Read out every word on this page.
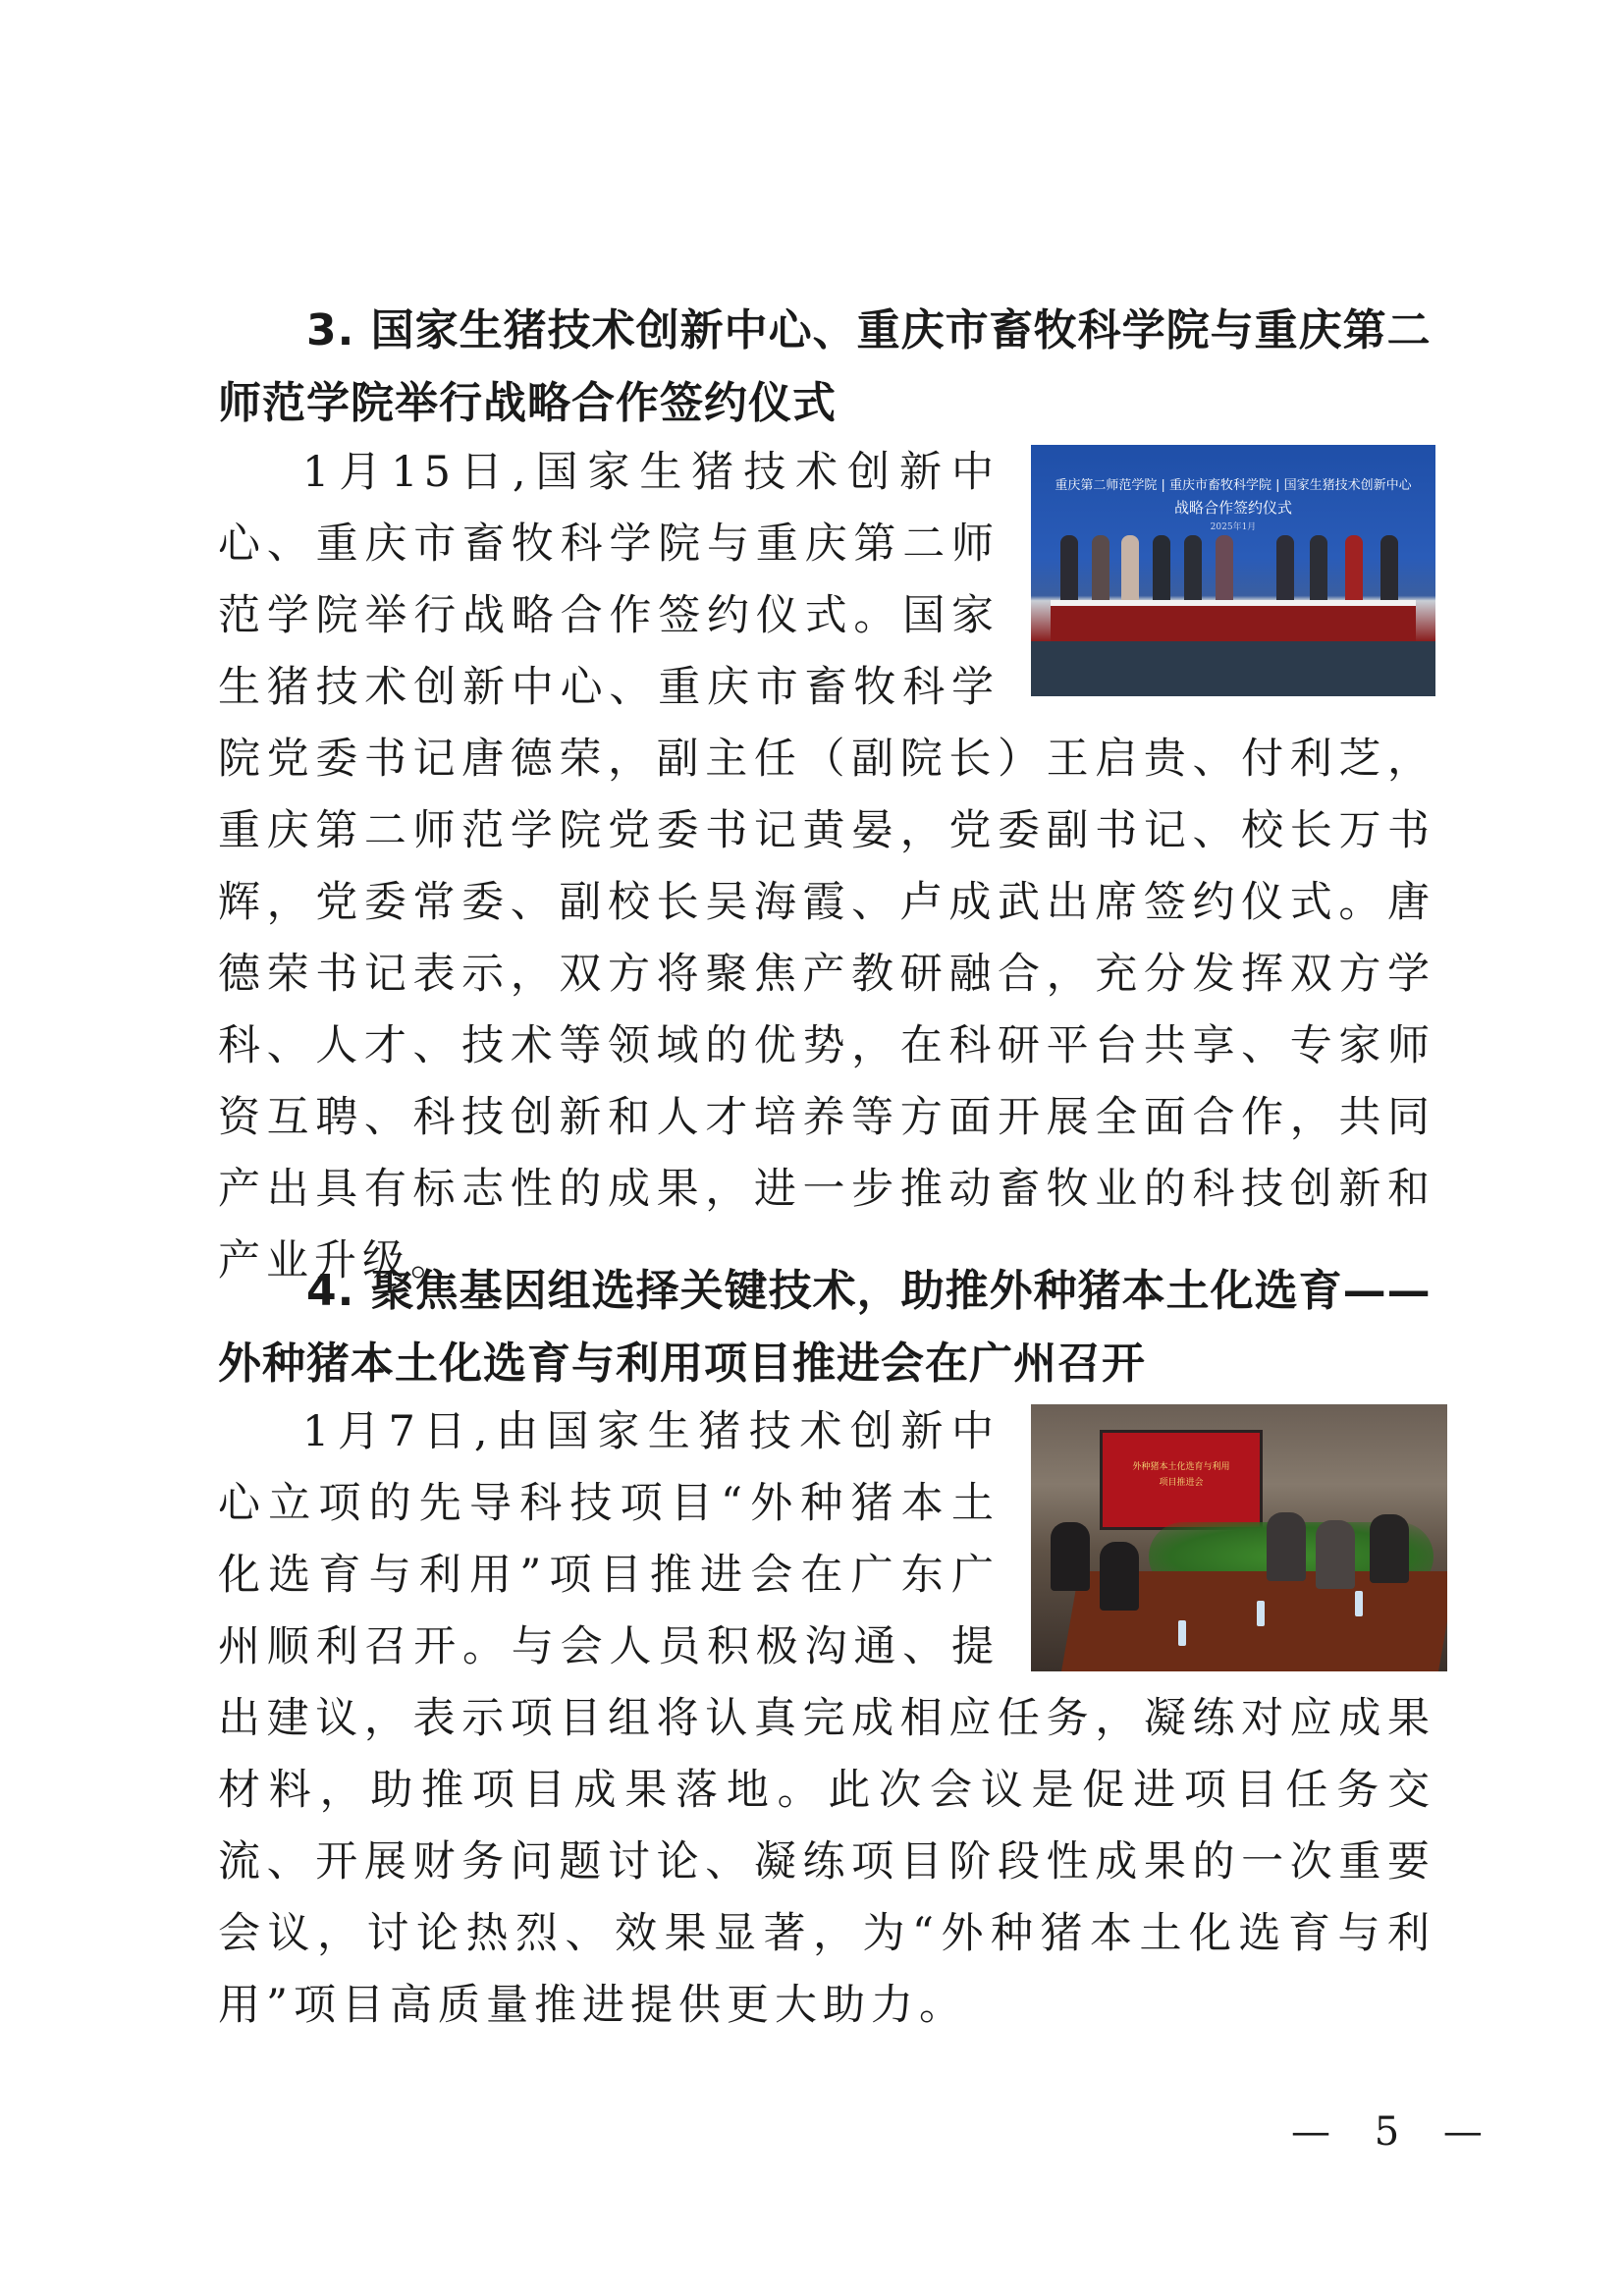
3. 国家生猪技术创新中心、重庆市畜牧科学院与重庆第二师范学院举行战略合作签约仪式
重庆第二师范学院 | 重庆市畜牧科学院 | 国家生猪技术创新中心
战略合作签约仪式
2025年1月

1月15日,国家生猪技术创新中心、重庆市畜牧科学院与重庆第二师范学院举行战略合作签约仪式。国家生猪技术创新中心、重庆市畜牧科学院党委书记唐德荣，副主任（副院长）王启贵、付利芝，重庆第二师范学院党委书记黄晏，党委副书记、校长万书辉，党委常委、副校长吴海霞、卢成武出席签约仪式。唐德荣书记表示，双方将聚焦产教研融合，充分发挥双方学科、人才、技术等领域的优势，在科研平台共享、专家师资互聘、科技创新和人才培养等方面开展全面合作，共同产出具有标志性的成果，进一步推动畜牧业的科技创新和产业升级。

4. 聚焦基因组选择关键技术，助推外种猪本土化选育——外种猪本土化选育与利用项目推进会在广州召开
外种猪本土化选育与利用
项目推进会

1月7日,由国家生猪技术创新中心立项的先导科技项目“外种猪本土化选育与利用”项目推进会在广东广州顺利召开。与会人员积极沟通、提出建议，表示项目组将认真完成相应任务，凝练对应成果材料，助推项目成果落地。此次会议是促进项目任务交流、开展财务问题讨论、凝练项目阶段性成果的一次重要会议，讨论热烈、效果显著，为“外种猪本土化选育与利用”项目高质量推进提供更大助力。

— 5 —
